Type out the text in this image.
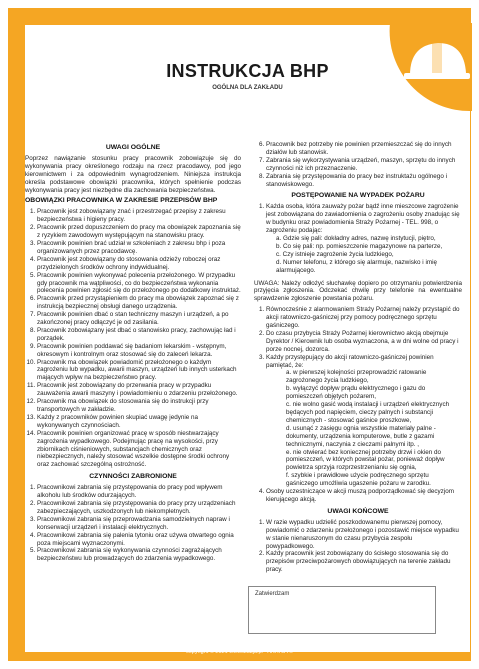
INSTRUKCJA BHP
OGÓLNA DLA ZAKŁADU
UWAGI OGÓLNE

Poprzez nawiązanie stosunku pracy pracownik zobowiązuje się do wykonywania pracy określonego rodzaju na rzecz pracodawcy, pod jego kierownictwem i za odpowiednim wynagrodzeniem. Niniejsza instrukcja określa podstawowe obowiązki pracownika, których spełnienie podczas wykonywania pracy jest niezbędne dla zachowania bezpieczeństwa.

OBOWIĄZKI PRACOWNIKA W ZAKRESIE PRZEPISÓW BHP
1. Pracownik jest zobowiązany znać i przestrzegać przepisy z zakresu bezpieczeństwa i higieny pracy.
2. Pracownik przed dopuszczeniem do pracy ma obowiązek zapoznania się z ryzykiem zawodowym występującym na stanowisku pracy.
3. Pracownik powinien brać udział w szkoleniach z zakresu bhp i poza organizowanych przez pracodawcę.
4. Pracownik jest zobowiązany do stosowania odzieży roboczej oraz przydzielonych środków ochrony indywidualnej.
5. Pracownik powinien wykonywać polecenia przełożonego. W przypadku gdy pracownik ma wątpliwości, co do bezpieczeństwa wykonania polecenia powinien zgłosić się do przełożonego po dodatkowy instruktaż.
6. Pracownik przed przystąpieniem do pracy ma obowiązek zapoznać się z instrukcją bezpiecznej obsługi danego urządzenia.
7. Pracownik powinien dbać o stan techniczny maszyn i urządzeń, a po zakończonej pracy odłączyć je od zasilania.
8. Pracownik zobowiązany jest dbać o stanowisko pracy, zachowując ład i porządek.
9. Pracownik powinien poddawać się badaniom lekarskim - wstępnym, okresowym i kontrolnym oraz stosować się do zaleceń lekarza.
10. Pracownik ma obowiązek powiadomić przełożonego o każdym zagrożeniu lub wypadku, awarii maszyn, urządzeń lub innych usterkach mających wpływ na bezpieczeństwo pracy.
11. Pracownik jest zobowiązany do przerwania pracy w przypadku zauważenia awarii maszyny i powiadomieniu o zdarzeniu przełożonego.
12. Pracownik ma obowiązek do stosowania się do instrukcji przy transportowych w zakładzie.
13. Każdy z pracowników powinien skupiać uwagę jedynie na wykonywanych czynnościach.
14. Pracownik powinien organizować pracę w sposób niestwarzający zagrożenia wypadkowego. Podejmując pracę na wysokości, przy zbiornikach ciśnieniowych, substancjach chemicznych oraz niebezpiecznych, należy stosować wszelkie dostępne środki ochrony oraz zachować szczególną ostrożność.
CZYNNOŚCI ZABRONIONE
1. Pracownikowi zabrania się przystępowania do pracy pod wpływem alkoholu lub środków odurzających.
2. Pracownikowi zabrania się przystępowania do pracy przy urządzeniach zabezpieczających, uszkodzonych lub niekompletnych.
3. Pracownikowi zabrania się przeprowadzania samodzielnych napraw i konserwacji urządzeń i instalacji elektrycznych.
4. Pracownikowi zabrania się palenia tytoniu oraz używa otwartego ognia poza miejscami wyznaczonymi.
5. Pracownikowi zabrania się wykonywania czynności zagrażających bezpieczeństwu lub prowadzących do zdarzenia wypadkowego.
6. Pracownik bez potrzeby nie powinien przemieszczać się do innych działów lub stanowisk.
7. Zabrania się wykorzystywania urządzeń, maszyn, sprzętu do innych czynności niż ich przeznaczenie.
8. Zabrania się przystępowania do pracy bez instruktażu ogólnego i stanowiskowego.
POSTĘPOWANIE NA WYPADEK POŻARU
1. Każda osoba, która zauważy pożar bądź inne mieszcowe zagrożenie jest zobowiązana do zawiadomienia o zagrożeniu osoby znadując się w budynku oraz powiadomienia Straży Pożarnej - TEL. 998, o zagrożeniu podając:
a. Gdzie się pali: dokładny adres, nazwę instytucji, piętro,
b. Co się pali: np. pomieszczenie magazynowe na parterze,
c. Czy istnieje zagrożenie życia ludzkiego,
d. Numer telefonu, z którego się alarmuje, nazwisko i imię alarmującego.

UWAGA: Należy odłożyć słuchawkę dopiero po otrzymaniu potwierdzenia przyjęcia zgłoszenia. Odczekać chwilę przy telefonie na ewentualne sprawdzenie zgłoszenie powstania pożaru.

1. Równocześnie z alarmowaniem Straży Pożarnej należy przystąpić do akcji ratowniczo-gaśniczej przy pomocy podręcznego sprzętu gaśniczego.
2. Do czasu przybycia Straży Pożarnej kierownictwo akcją obejmuje Dyrektor / Kierownik lub osoba wyznaczona, a w dni wolne od pracy i porze nocnej, dozorca.
3. Każdy przystępujący do akcji ratowniczo-gaśniczej powinien pamiętać, że:
a. w pierwszej kolejności przeprowadzić ratowanie zagrożonego życia ludzkiego,
b. wyłączyć dopływ prądu elektrycznego i gazu do pomieszczeń objętych pożarem,
c. nie wolno gasić wodą instalacji i urządzeń elektrycznych będących pod napięciem, cieczy palnych i substancji chemicznych - stosować gaśnice proszkowe,
d. usunąć z zasięgu ognia wszystkie materiały palne - dokumenty, urządzenia komputerowe, butle z gazami technicznymi, naczynia z cieczami palnymi itp. ,
e. nie otwierać bez koniecznej potrzeby drzwi i okien do pomieszczeń, w których powstał pożar, ponieważ dopływ powietrza sprzyja rozprzestrzenianiu się ognia,
f. szybkie i prawidłowe użycie podręcznego sprzętu gaśniczego umożliwia ugaszenie pożaru w zarodku.
4. Osoby uczestniczące w akcji muszą podporządkować się decyzjom kierującego akcją.
UWAGI KOŃCOWE
1. W razie wypadku udzielić poszkodowanemu pierwszej pomocy, powiadomić o zdarzeniu przełożonego i pozostawić miejsce wypadku w stanie nienaruszonym do czasu przybycia zespołu powypadkowego.
2. Każdy pracownik jest zobowiązany do ścisłego stosowania się do przepisów przeciwpożarowych obowiązujących na terenie zakładu pracy.
Zatwierdzam
copyright © 2021 www.akatja.pl · AKATJA ©
